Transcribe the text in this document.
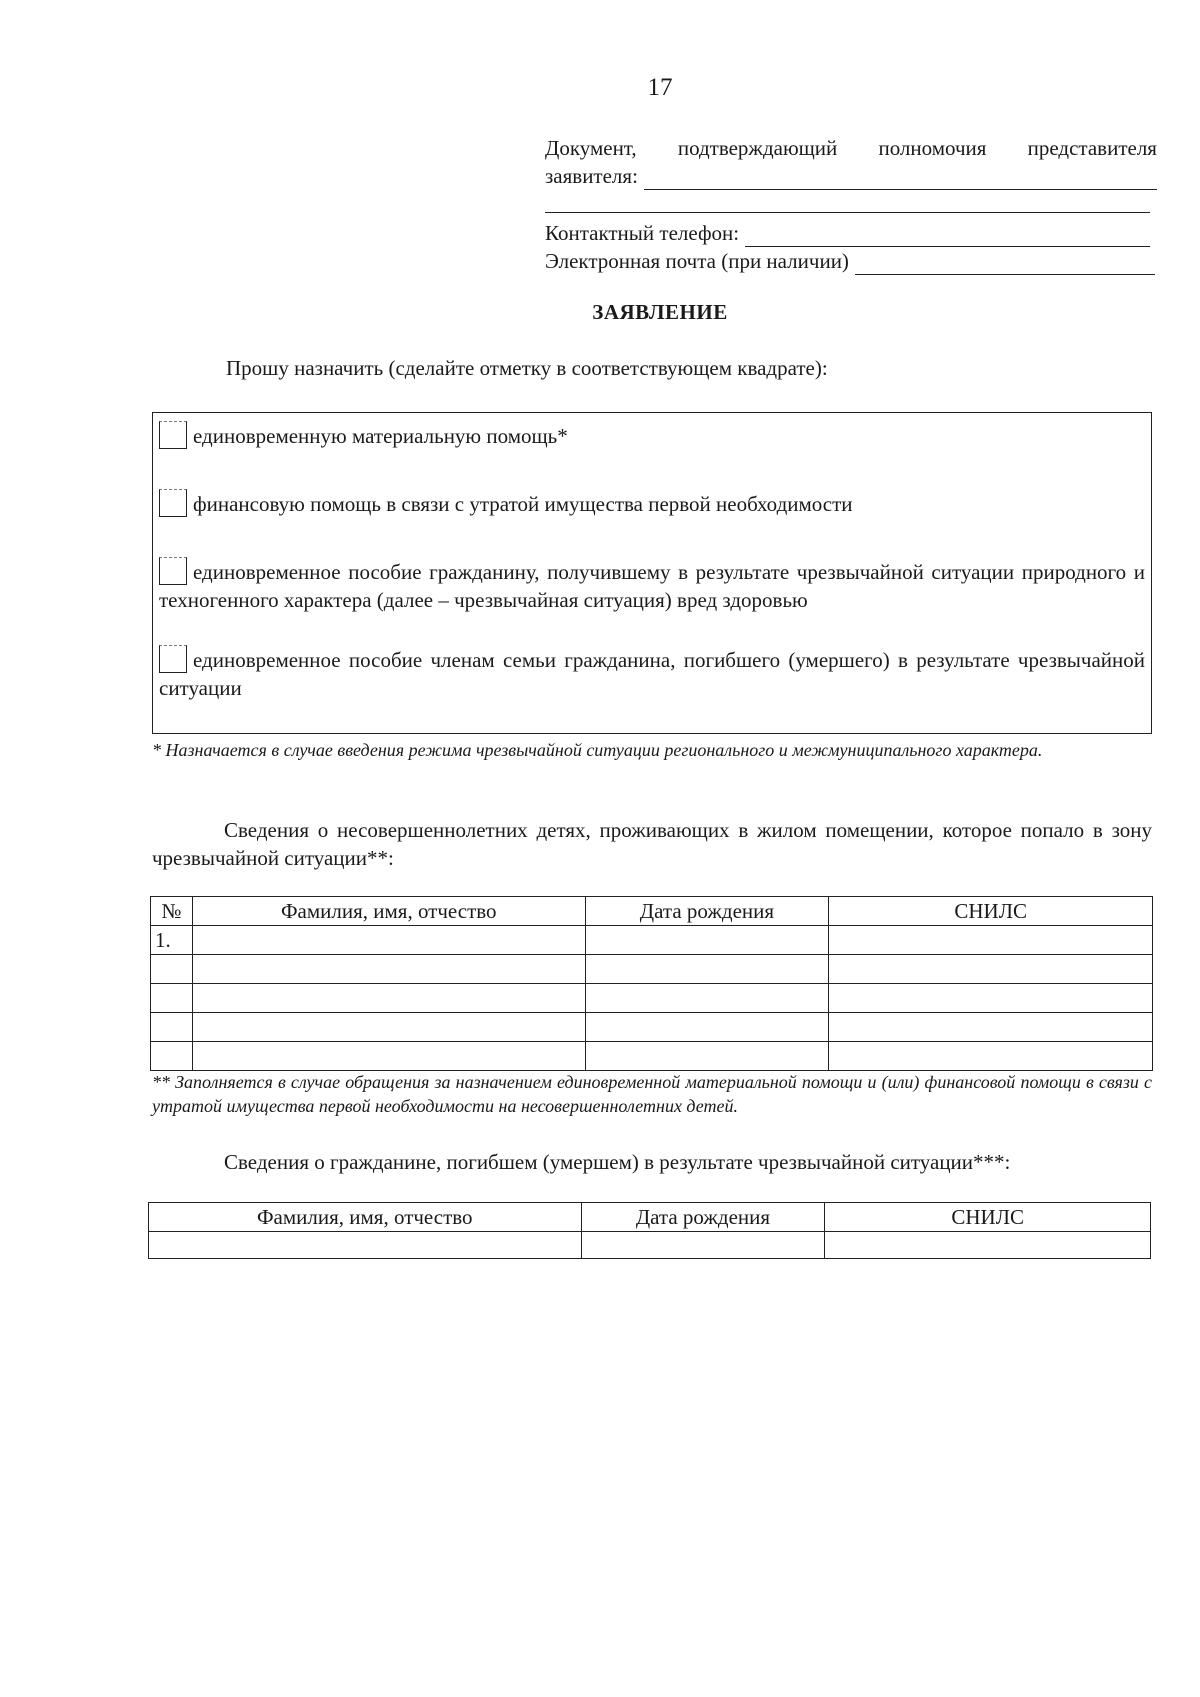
17
Документ, подтверждающий полномочия представителя
заявителя:
Контактный телефон:
Электронная почта (при наличии)
ЗАЯВЛЕНИЕ
Прошу назначить (сделайте отметку в соответствующем квадрате):
единовременную материальную помощь*
финансовую помощь в связи с утратой имущества первой необходимости
единовременное пособие гражданину, получившему в результате чрезвычайной ситуации природного и техногенного характера (далее – чрезвычайная ситуация) вред здоровью
единовременное пособие членам семьи гражданина, погибшего (умершего) в результате чрезвычайной ситуации
* Назначается в случае введения режима чрезвычайной ситуации регионального и межмуниципального характера.
Сведения о несовершеннолетних детях, проживающих в жилом помещении, которое попало в зону чрезвычайной ситуации**:
№	Фамилия, имя, отчество	Дата рождения	СНИЛС
1.			

** Заполняется в случае обращения за назначением единовременной материальной помощи и (или) финансовой помощи в связи с утратой имущества первой необходимости на несовершеннолетних детей.
Сведения о гражданине, погибшем (умершем) в результате чрезвычайной ситуации***:
Фамилия, имя, отчество	Дата рождения	СНИЛС
